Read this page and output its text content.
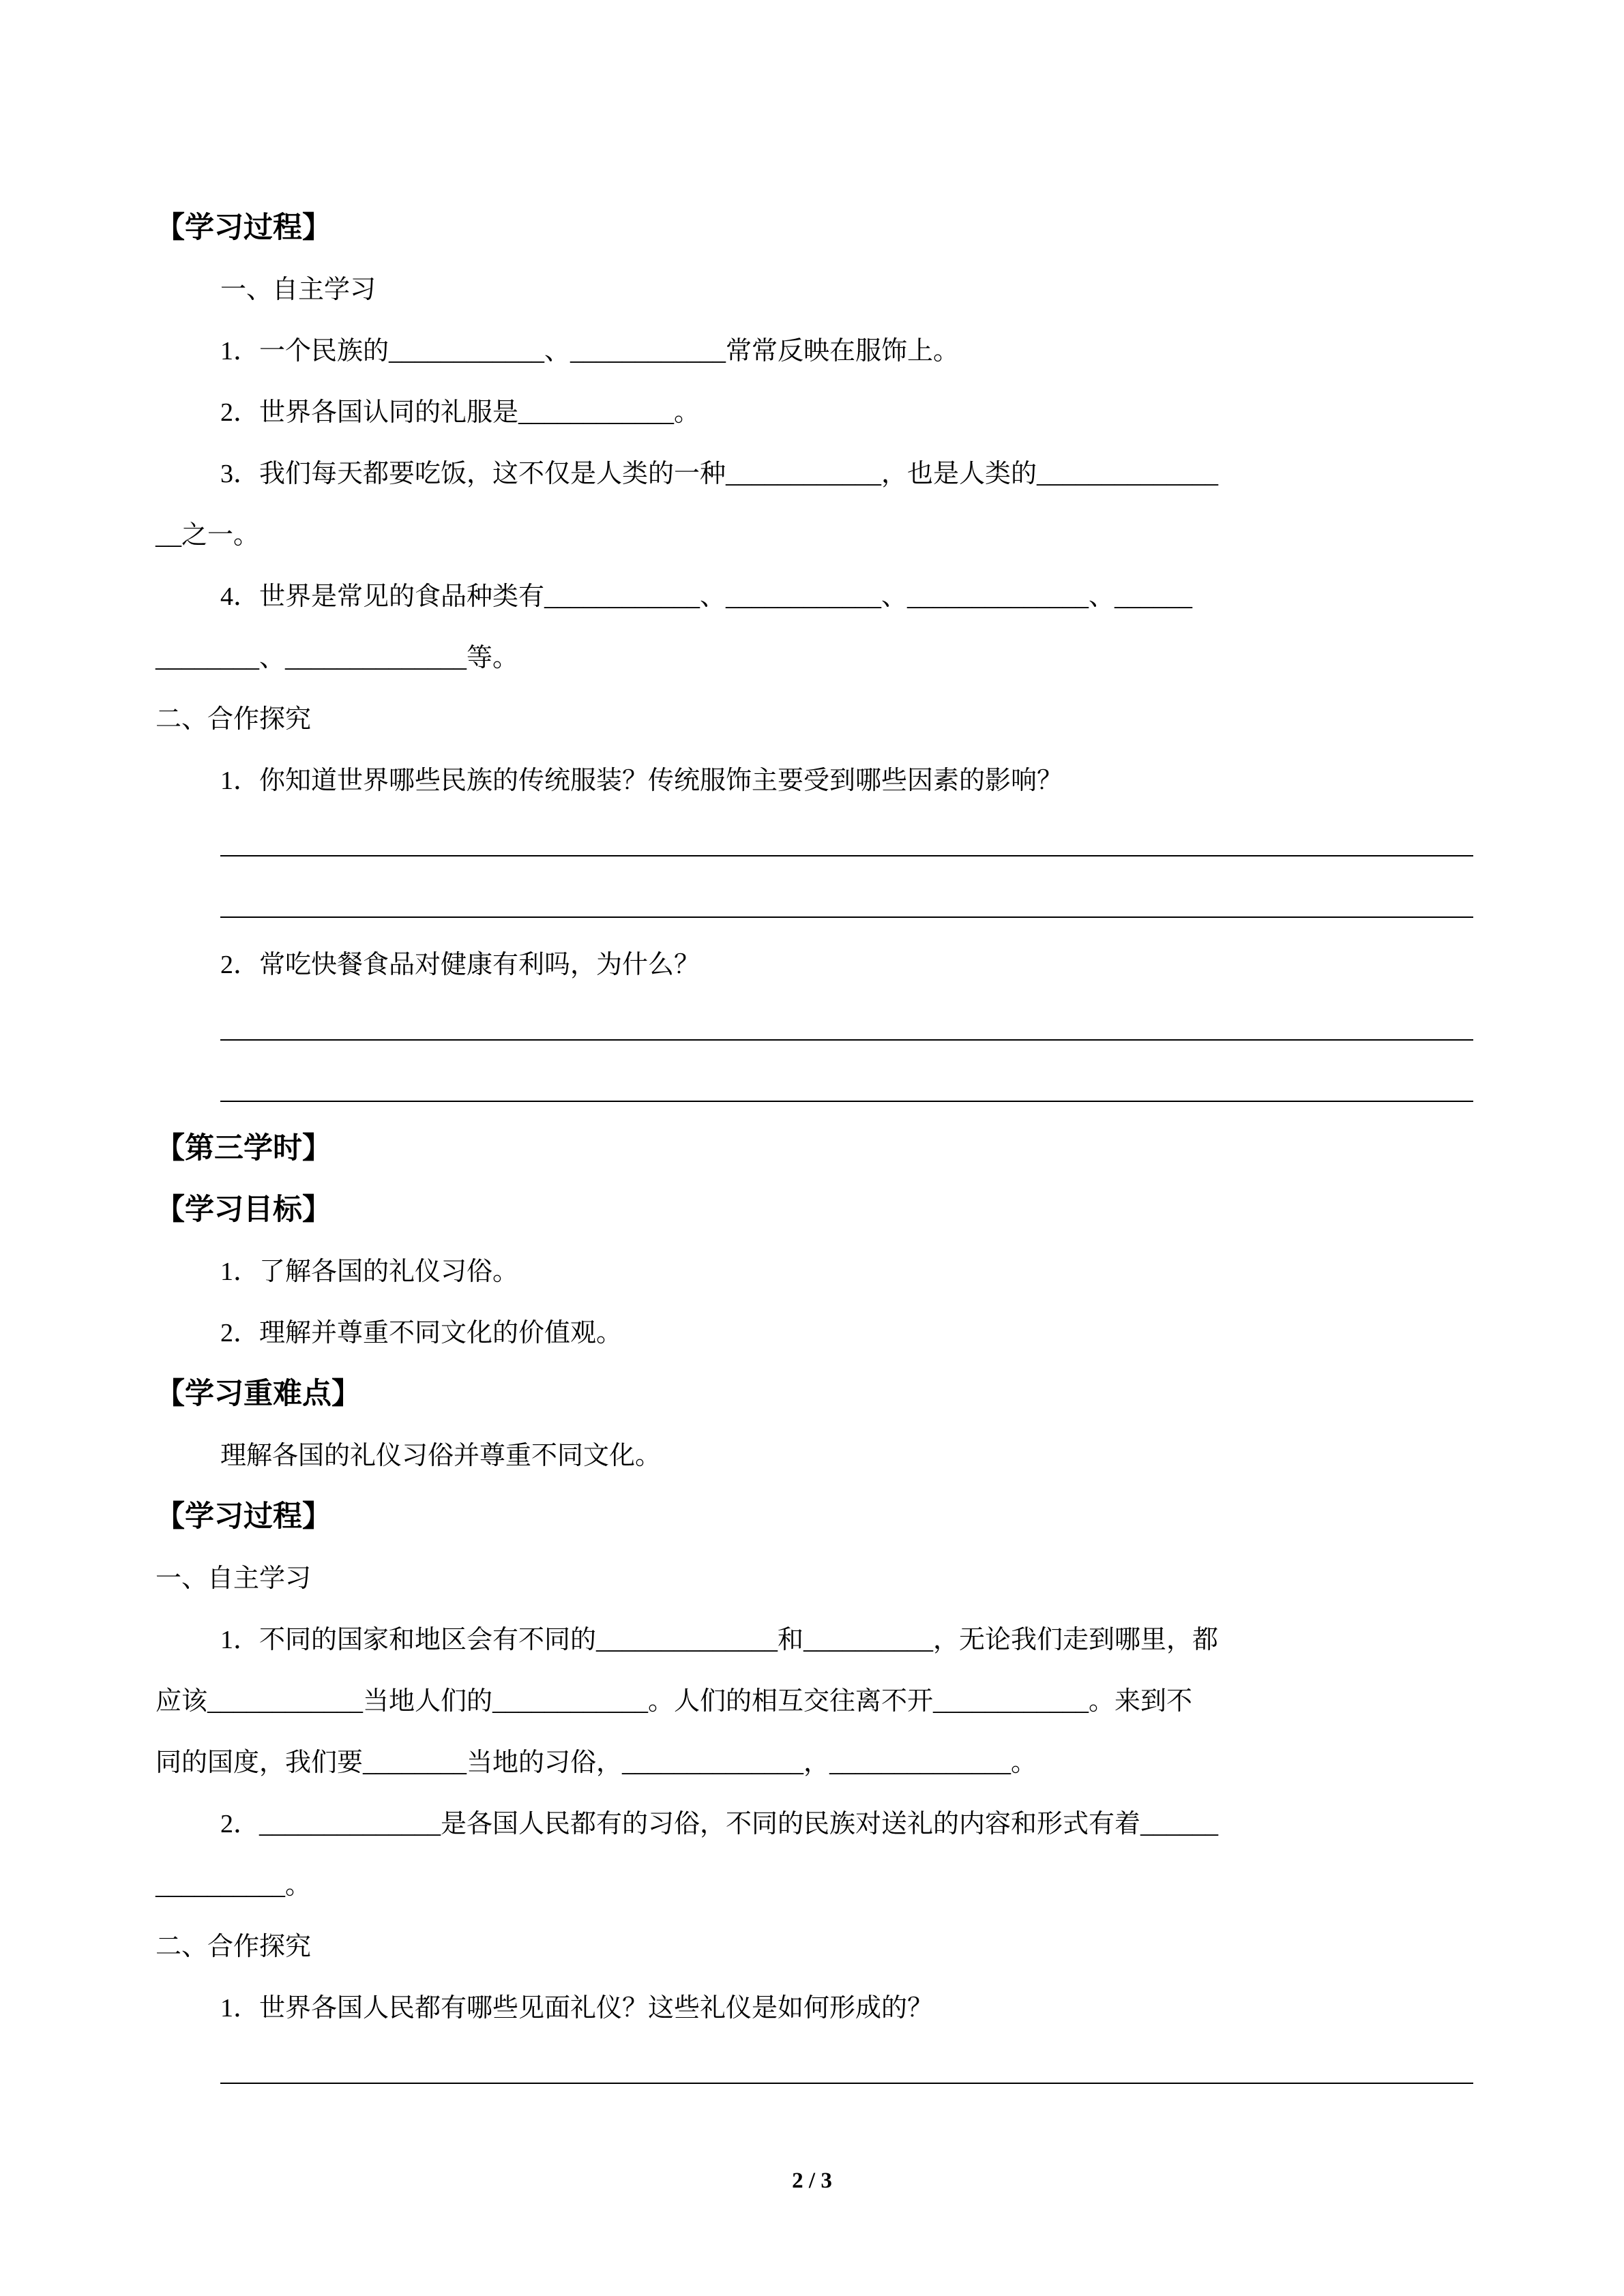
【学习过程】
一、自主学习
1．一个民族的____________、____________常常反映在服饰上。
2．世界各国认同的礼服是____________。
3．我们每天都要吃饭，这不仅是人类的一种____________，也是人类的______________
__之一。
4．世界是常见的食品种类有____________、____________、______________、______
________、______________等。
二、合作探究
1．你知道世界哪些民族的传统服装？传统服饰主要受到哪些因素的影响？
2．常吃快餐食品对健康有利吗，为什么？
【第三学时】
【学习目标】
1．了解各国的礼仪习俗。
2．理解并尊重不同文化的价值观。
【学习重难点】
理解各国的礼仪习俗并尊重不同文化。
【学习过程】
一、自主学习
1．不同的国家和地区会有不同的______________和__________，无论我们走到哪里，都
应该____________当地人们的____________。人们的相互交往离不开____________。来到不
同的国度，我们要________当地的习俗，______________，______________。
2．______________是各国人民都有的习俗，不同的民族对送礼的内容和形式有着______
__________。
二、合作探究
1．世界各国人民都有哪些见面礼仪？这些礼仪是如何形成的？
2 / 3
